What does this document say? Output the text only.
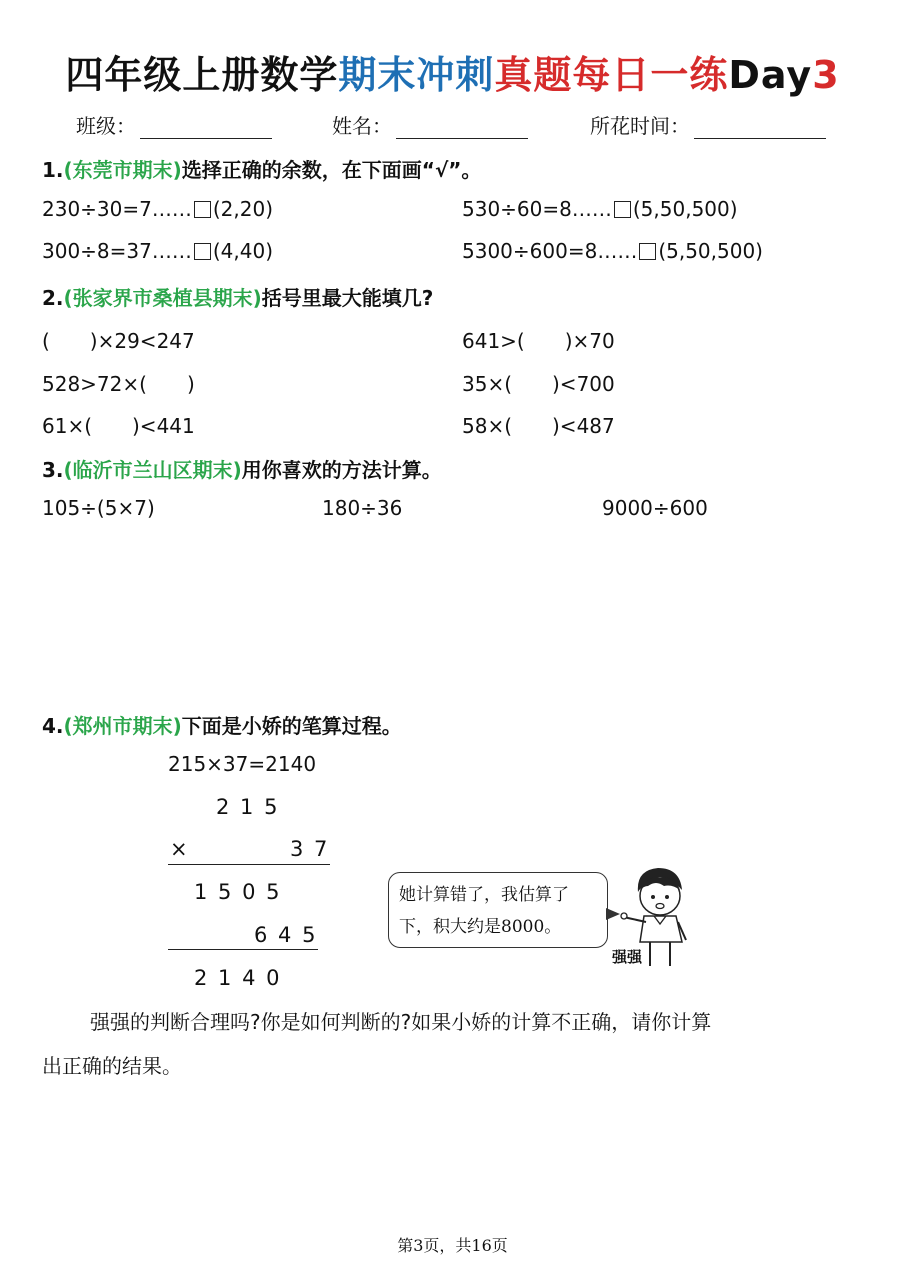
四年级上册数学期末冲刺真题每日一练Day3
班级：	姓名：	所花时间：
1.(东莞市期末)选择正确的余数，在下面画“√”。
230÷30=7…… (2,20)	530÷60=8…… (5,50,500)
300÷8=37…… (4,40)	5300÷600=8…… (5,50,500)
2.(张家界市桑植县期末)括号里最大能填几?
(　　)×29<247	641>(　　)×70
528>72×(　　)	35×(　　)<700
61×(　　)<441	58×(　　)<487
3.(临沂市兰山区期末)用你喜欢的方法计算。
105÷(5×7)	180÷36	9000÷600
4.(郑州市期末)下面是小娇的笔算过程。
215×37=2140
2 1 5
×	3 7
1 5 0 5
6 4 5
2 1 4 0
她计算错了，我估算了
下，积大约是8000。
强强
强强的判断合理吗?你是如何判断的?如果小娇的计算不正确，请你计算
出正确的结果。
第3页，共16页
